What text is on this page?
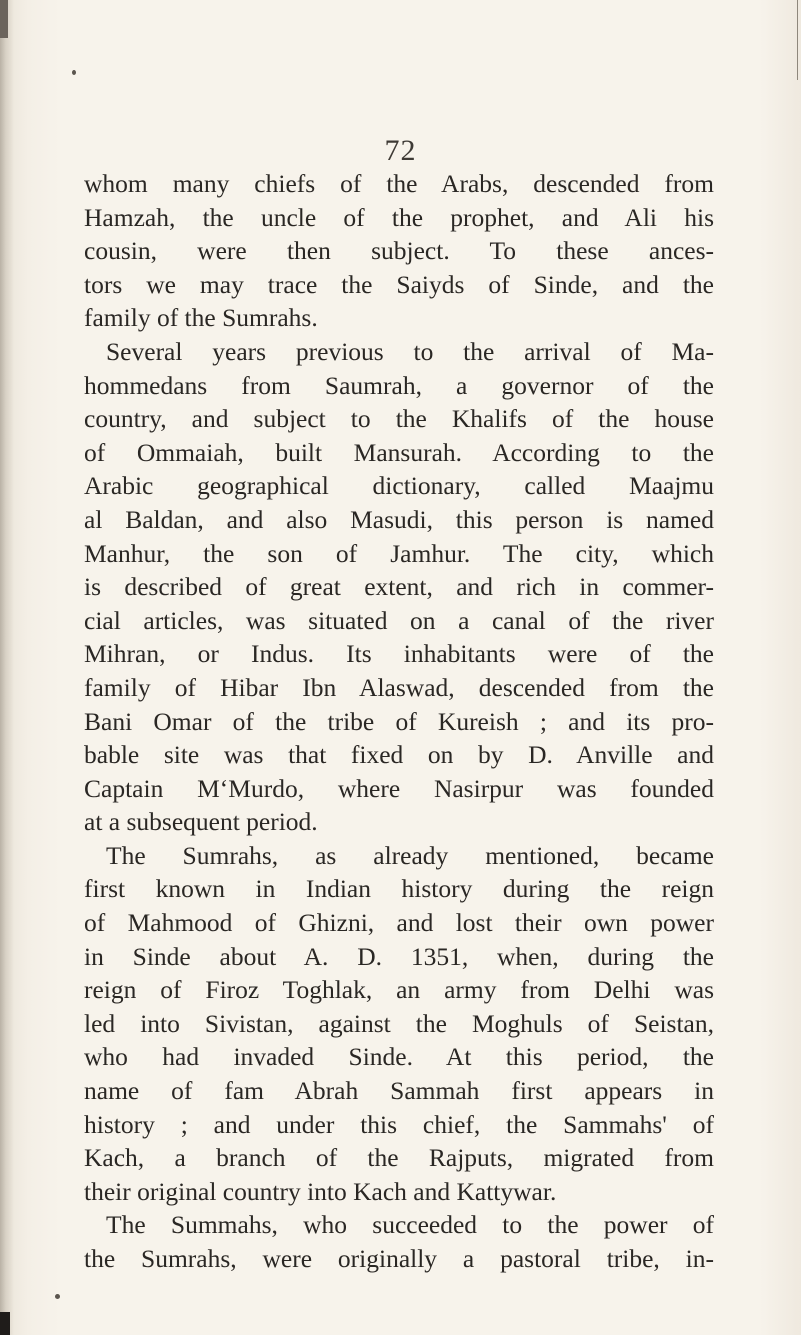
72
whom many chiefs of the Arabs, descended from
Hamzah, the uncle of the prophet, and Ali his
cousin, were then subject. To these ances-
tors we may trace the Saiyds of Sinde, and the
family of the Sumrahs.
Several years previous to the arrival of Ma-
hommedans from Saumrah, a governor of the
country, and subject to the Khalifs of the house
of Ommaiah, built Mansurah. According to the
Arabic geographical dictionary, called Maajmu
al Baldan, and also Masudi, this person is named
Manhur, the son of Jamhur. The city, which
is described of great extent, and rich in commer-
cial articles, was situated on a canal of the river
Mihran, or Indus. Its inhabitants were of the
family of Hibar Ibn Alaswad, descended from the
Bani Omar of the tribe of Kureish ; and its pro-
bable site was that fixed on by D. Anville and
Captain M‘Murdo, where Nasirpur was founded
at a subsequent period.
The Sumrahs, as already mentioned, became
first known in Indian history during the reign
of Mahmood of Ghizni, and lost their own power
in Sinde about A. D. 1351, when, during the
reign of Firoz Toghlak, an army from Delhi was
led into Sivistan, against the Moghuls of Seistan,
who had invaded Sinde. At this period, the
name of fam Abrah Sammah first appears in
history ; and under this chief, the Sammahs' of
Kach, a branch of the Rajputs, migrated from
their original country into Kach and Kattywar.
The Summahs, who succeeded to the power of
the Sumrahs, were originally a pastoral tribe, in-
